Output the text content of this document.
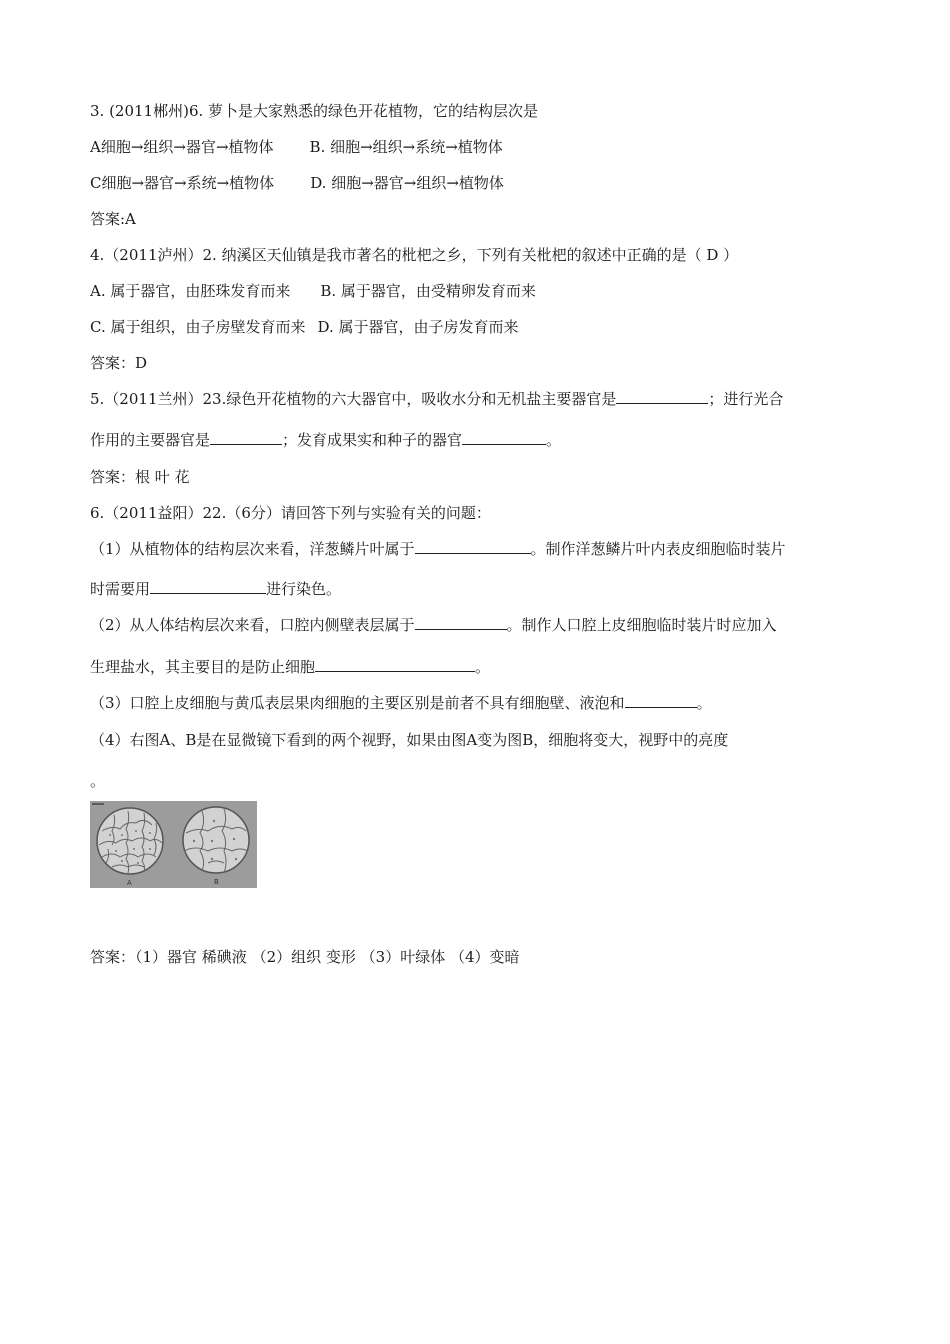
3. (2011郴州)6. 萝卜是大家熟悉的绿色开花植物，它的结构层次是
A细胞→组织→器官→植物体 B. 细胞→组织→系统→植物体
C细胞→器官→系统→植物体 D. 细胞→器官→组织→植物体
答案:A
4.（2011泸州）2. 纳溪区天仙镇是我市著名的枇杷之乡，下列有关枇杷的叙述中正确的是（ D ）
A. 属于器官，由胚珠发育而来 B. 属于器官，由受精卵发育而来
C. 属于组织，由子房壁发育而来 D. 属于器官，由子房发育而来
答案：D
5.（2011兰州）23.绿色开花植物的六大器官中，吸收水分和无机盐主要器官是	；进行光合
作用的主要器官是	；发育成果实和种子的器官	。
答案：根 叶 花
6.（2011益阳）22.（6分）请回答下列与实验有关的问题：
（1）从植物体的结构层次来看，洋葱鳞片叶属于	。制作洋葱鳞片叶内表皮细胞临时装片
时需要用	进行染色。
（2）从人体结构层次来看，口腔内侧壁表层属于	。制作人口腔上皮细胞临时装片时应加入
生理盐水，其主要目的是防止细胞	。
（3）口腔上皮细胞与黄瓜表层果肉细胞的主要区别是前者不具有细胞壁、液泡和	。
（4）右图A、B是在显微镜下看到的两个视野，如果由图A变为图B，细胞将变大，视野中的亮度
。
A	B
答案：（1）器官 稀碘液 （2）组织 变形 （3）叶绿体 （4）变暗
